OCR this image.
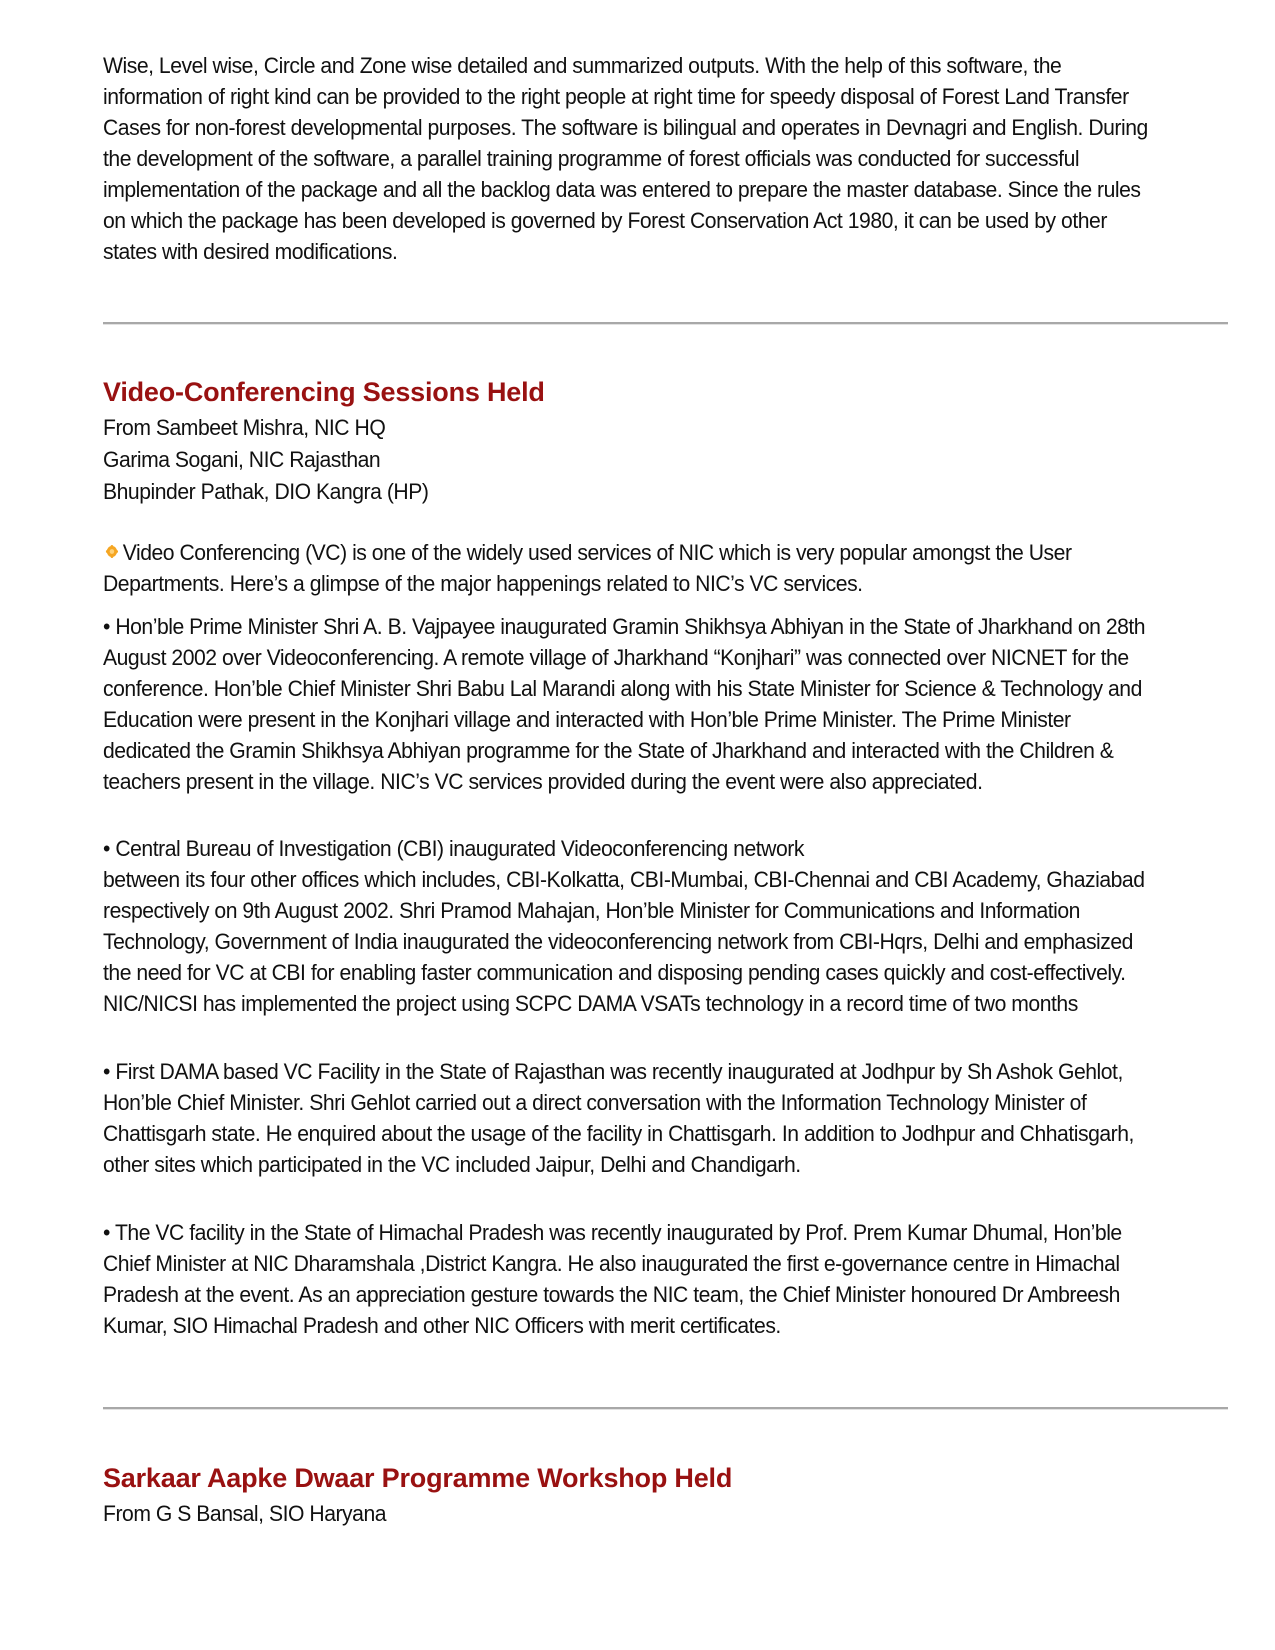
Wise, Level wise, Circle and Zone wise detailed and summarized outputs. With the help of this software, the
information of right kind can be provided to the right people at right time for speedy disposal of Forest Land Transfer
Cases for non-forest developmental purposes. The software is bilingual and operates in Devnagri and English. During
the development of the software, a parallel training programme of forest officials was conducted for successful
implementation of the package and all the backlog data was entered to prepare the master database. Since the rules
on which the package has been developed is governed by Forest Conservation Act 1980, it can be used by other
states with desired modifications.

Video-Conferencing Sessions Held

From Sambeet Mishra, NIC HQ
Garima Sogani, NIC Rajasthan
Bhupinder Pathak, DIO Kangra (HP)

Video Conferencing (VC) is one of the widely used services of NIC which is very popular amongst the User
Departments. Here’s a glimpse of the major happenings related to NIC’s VC services.

• Hon’ble Prime Minister Shri A. B. Vajpayee inaugurated Gramin Shikhsya Abhiyan in the State of Jharkhand on 28th
August 2002 over Videoconferencing. A remote village of Jharkhand “Konjhari” was connected over NICNET for the
conference. Hon’ble Chief Minister Shri Babu Lal Marandi along with his State Minister for Science & Technology and
Education were present in the Konjhari village and interacted with Hon’ble Prime Minister. The Prime Minister
dedicated the Gramin Shikhsya Abhiyan programme for the State of Jharkhand and interacted with the Children &
teachers present in the village. NIC’s VC services provided during the event were also appreciated.

• Central Bureau of Investigation (CBI) inaugurated Videoconferencing network
between its four other offices which includes, CBI-Kolkatta, CBI-Mumbai, CBI-Chennai and CBI Academy, Ghaziabad
respectively on 9th August 2002. Shri Pramod Mahajan, Hon’ble Minister for Communications and Information
Technology, Government of India inaugurated the videoconferencing network from CBI-Hqrs, Delhi and emphasized
the need for VC at CBI for enabling faster communication and disposing pending cases quickly and cost-effectively.
NIC/NICSI has implemented the project using SCPC DAMA VSATs technology in a record time of two months

• First DAMA based VC Facility in the State of Rajasthan was recently inaugurated at Jodhpur by Sh Ashok Gehlot,
Hon’ble Chief Minister. Shri Gehlot carried out a direct conversation with the Information Technology Minister of
Chattisgarh state. He enquired about the usage of the facility in Chattisgarh. In addition to Jodhpur and Chhatisgarh,
other sites which participated in the VC included Jaipur, Delhi and Chandigarh.

• The VC facility in the State of Himachal Pradesh was recently inaugurated by Prof. Prem Kumar Dhumal, Hon’ble
Chief Minister at NIC Dharamshala ,District Kangra. He also inaugurated the first e-governance centre in Himachal
Pradesh at the event. As an appreciation gesture towards the NIC team, the Chief Minister honoured Dr Ambreesh
Kumar, SIO Himachal Pradesh and other NIC Officers with merit certificates.

Sarkaar Aapke Dwaar Programme Workshop Held

From G S Bansal, SIO Haryana
